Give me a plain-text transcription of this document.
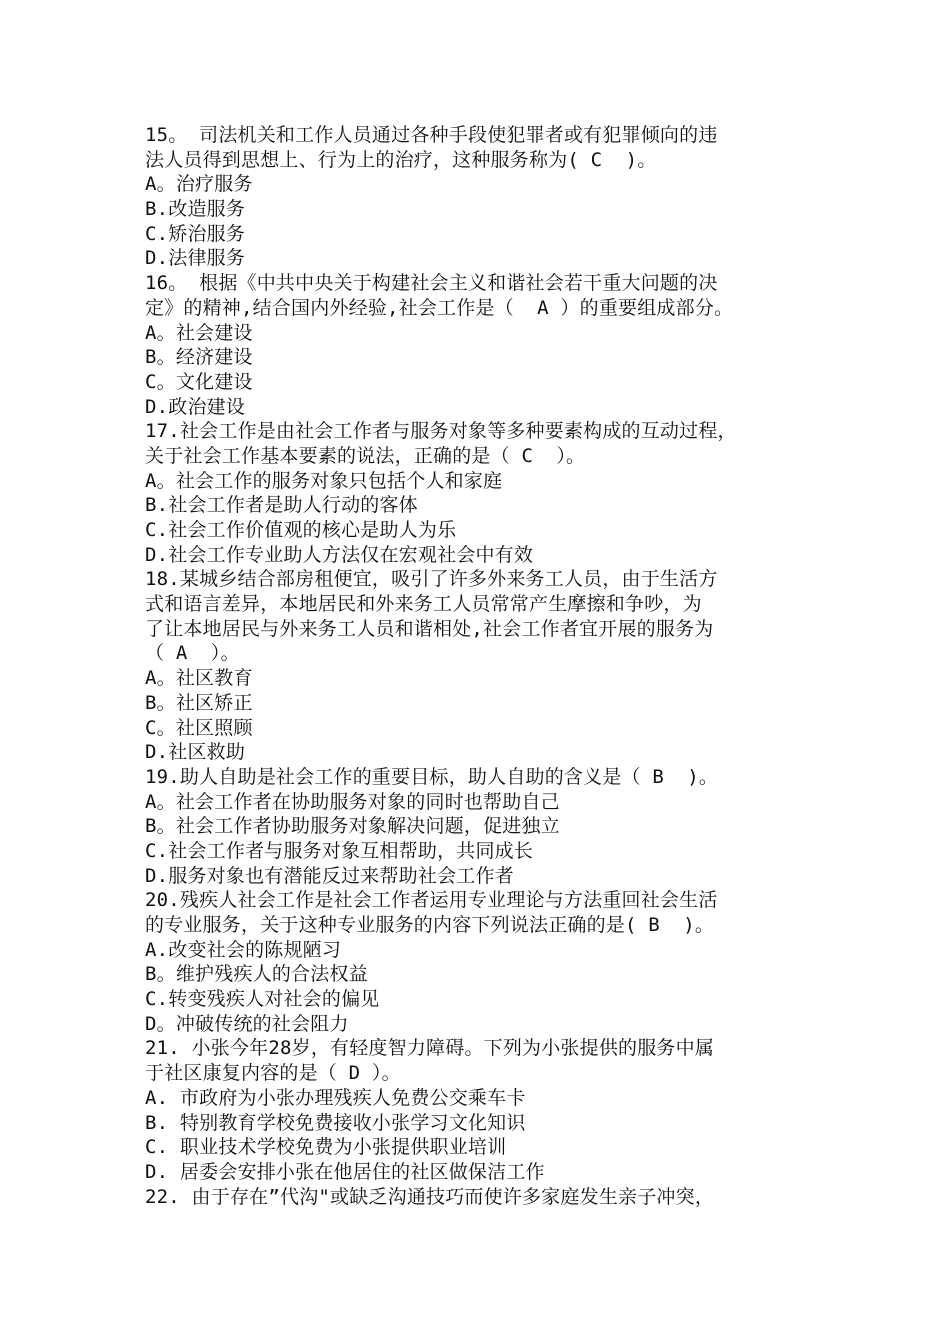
15。 司法机关和工作人员通过各种手段使犯罪者或有犯罪倾向的违
法人员得到思想上、行为上的治疗，这种服务称为( C  )。
A。治疗服务
B.改造服务
C.矫治服务
D.法律服务
16。 根据《中共中央关于构建社会主义和谐社会若干重大问题的决
定》的精神,结合国内外经验,社会工作是（  A ）的重要组成部分。
A。社会建设
B。经济建设
C。文化建设
D.政治建设
17.社会工作是由社会工作者与服务对象等多种要素构成的互动过程，
关于社会工作基本要素的说法，正确的是（ C  ）。
A。社会工作的服务对象只包括个人和家庭
B.社会工作者是助人行动的客体
C.社会工作价值观的核心是助人为乐
D.社会工作专业助人方法仅在宏观社会中有效
18.某城乡结合部房租便宜，吸引了许多外来务工人员，由于生活方
式和语言差异，本地居民和外来务工人员常常产生摩擦和争吵，为
了让本地居民与外来务工人员和谐相处,社会工作者宜开展的服务为
（ A  ）。
A。社区教育
B。社区矫正
C。社区照顾
D.社区救助
19.助人自助是社会工作的重要目标，助人自助的含义是（ B  )。
A。社会工作者在协助服务对象的同时也帮助自己
B。社会工作者协助服务对象解决问题，促进独立
C.社会工作者与服务对象互相帮助，共同成长
D.服务对象也有潜能反过来帮助社会工作者
20.残疾人社会工作是社会工作者运用专业理论与方法重回社会生活
的专业服务，关于这种专业服务的内容下列说法正确的是( B  )。
A.改变社会的陈规陋习
B。维护残疾人的合法权益
C.转变残疾人对社会的偏见
D。冲破传统的社会阻力
21. 小张今年28岁，有轻度智力障碍。下列为小张提供的服务中属
于社区康复内容的是（ D ）。
A. 市政府为小张办理残疾人免费公交乘车卡
B. 特别教育学校免费接收小张学习文化知识
C. 职业技术学校免费为小张提供职业培训
D. 居委会安排小张在他居住的社区做保洁工作
22. 由于存在”代沟"或缺乏沟通技巧而使许多家庭发生亲子冲突，
